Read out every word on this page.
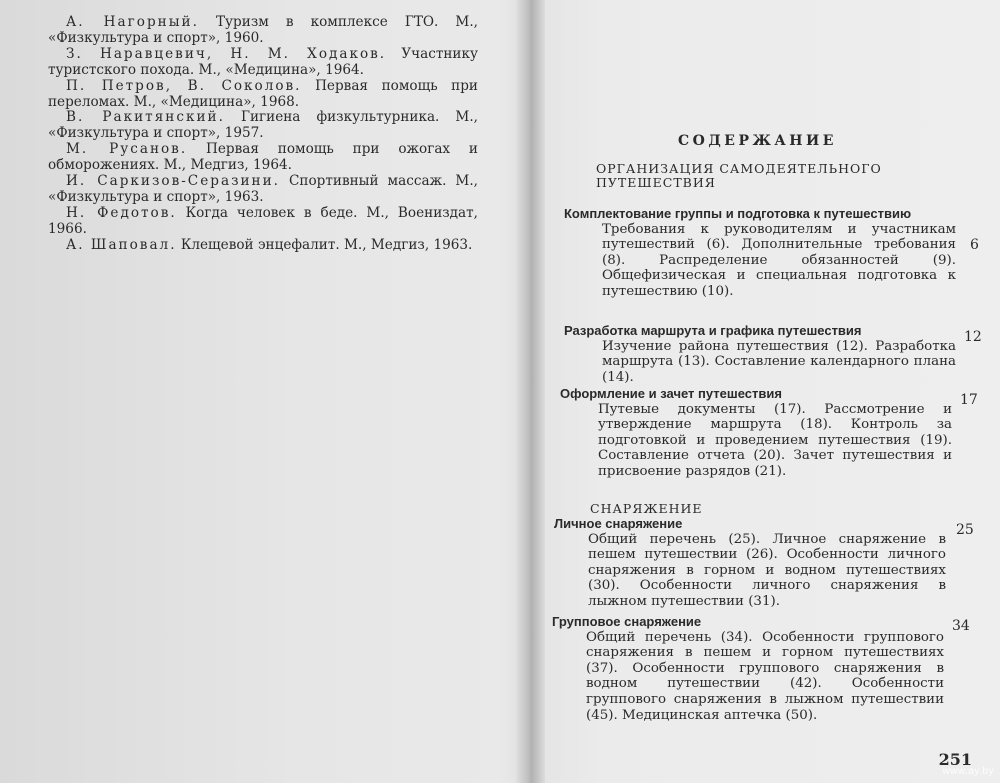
А. Нагорный. Туризм в комплексе ГТО. М., «Физкультура и спорт», 1960.

З. Наравцевич, Н. М. Ходаков. Участнику туристского похода. М., «Медицина», 1964.

П. Петров, В. Соколов. Первая помощь при переломах. М., «Медицина», 1968.

В. Ракитянский. Гигиена физкультурника. М., «Физкультура и спорт», 1957.

М. Русанов. Первая помощь при ожогах и обморожениях. М., Медгиз, 1964.

И. Саркизов-Серазини. Спортивный массаж. М., «Физкультура и спорт», 1963.

Н. Федотов. Когда человек в беде. М., Воениздат, 1966.

А. Шаповал. Клещевой энцефалит. М., Медгиз, 1963.

СОДЕРЖАНИЕ
ОРГАНИЗАЦИЯ САМОДЕЯТЕЛЬНОГО ПУТЕШЕСТВИЯ
Комплектование группы и подготовка к путешествию
Требования к руководителям и участникам путешествий (6). Дополнительные требования (8). Распределение обязанностей (9). Общефизическая и специальная подготовка к путешествию (10).
6
Разработка маршрута и графика путешествия
Изучение района путешествия (12). Разработка маршрута (13). Составление календарного плана (14).
12
Оформление и зачет путешествия
Путевые документы (17). Рассмотрение и утверждение маршрута (18). Контроль за подготовкой и проведением путешествия (19). Составление отчета (20). Зачет путешествия и присвоение разрядов (21).
17
СНАРЯЖЕНИЕ
Личное снаряжение
Общий перечень (25). Личное снаряжение в пешем путешествии (26). Особенности личного снаряжения в горном и водном путешествиях (30). Особенности личного снаряжения в лыжном путешествии (31).
25
Групповое снаряжение
Общий перечень (34). Особенности группового снаряжения в пешем и горном путешествиях (37). Особенности группового снаряжения в водном путешествии (42). Особенности группового снаряжения в лыжном путешествии (45). Медицинская аптечка (50).
34
251
www.ay.by
